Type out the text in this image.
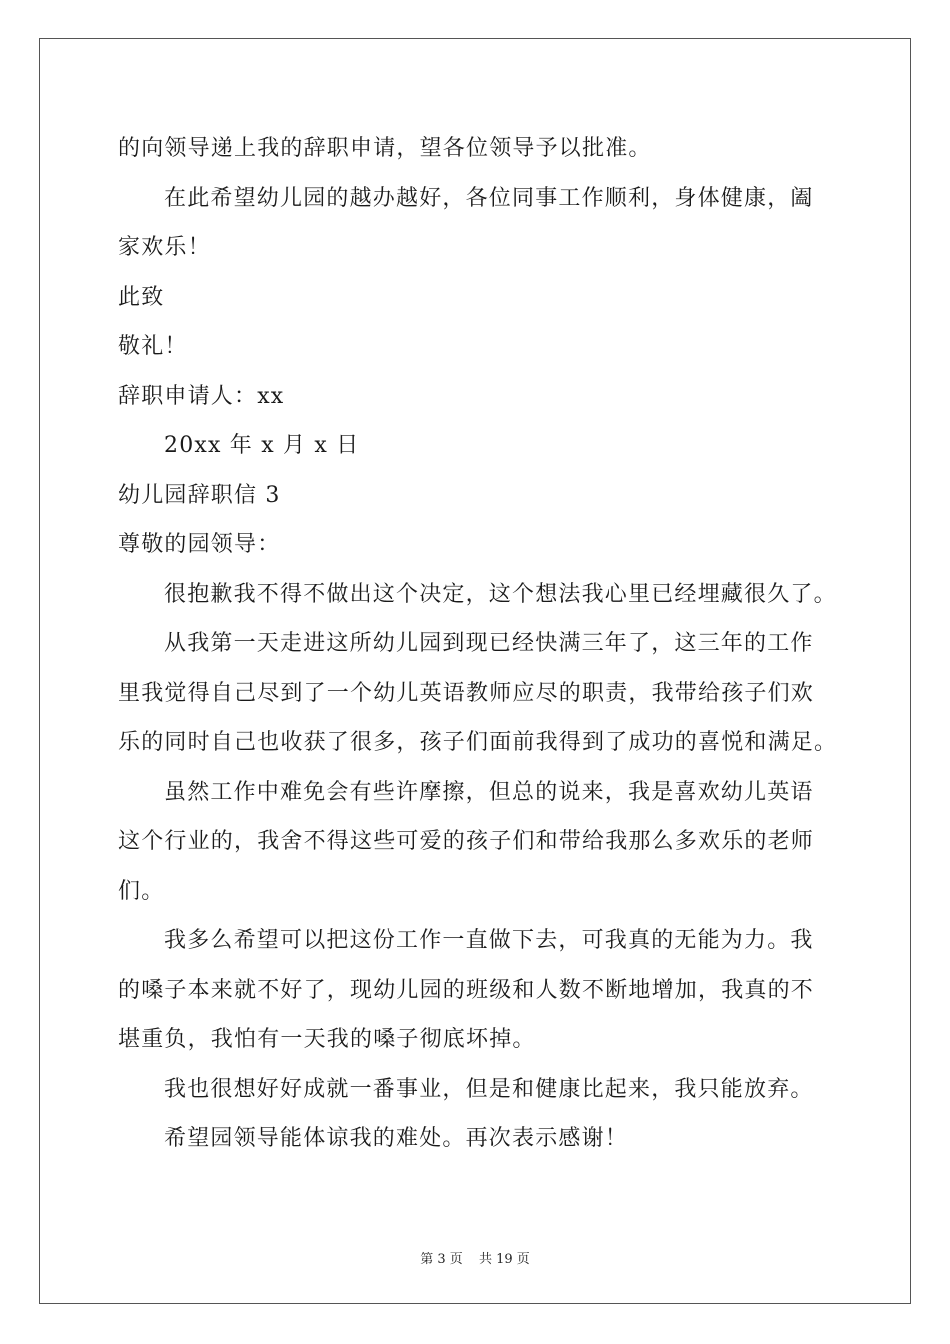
的向领导递上我的辞职申请，望各位领导予以批准。
在此希望幼儿园的越办越好，各位同事工作顺利，身体健康，阖
家欢乐！
此致
敬礼！
辞职申请人：xx
20xx 年 x 月 x 日
幼儿园辞职信 3
尊敬的园领导：
很抱歉我不得不做出这个决定，这个想法我心里已经埋藏很久了。
从我第一天走进这所幼儿园到现已经快满三年了，这三年的工作
里我觉得自己尽到了一个幼儿英语教师应尽的职责，我带给孩子们欢
乐的同时自己也收获了很多，孩子们面前我得到了成功的喜悦和满足。
虽然工作中难免会有些许摩擦，但总的说来，我是喜欢幼儿英语
这个行业的，我舍不得这些可爱的孩子们和带给我那么多欢乐的老师
们。
我多么希望可以把这份工作一直做下去，可我真的无能为力。我
的嗓子本来就不好了，现幼儿园的班级和人数不断地增加，我真的不
堪重负，我怕有一天我的嗓子彻底坏掉。
我也很想好好成就一番事业，但是和健康比起来，我只能放弃。
希望园领导能体谅我的难处。再次表示感谢！
第 3 页 共 19 页
